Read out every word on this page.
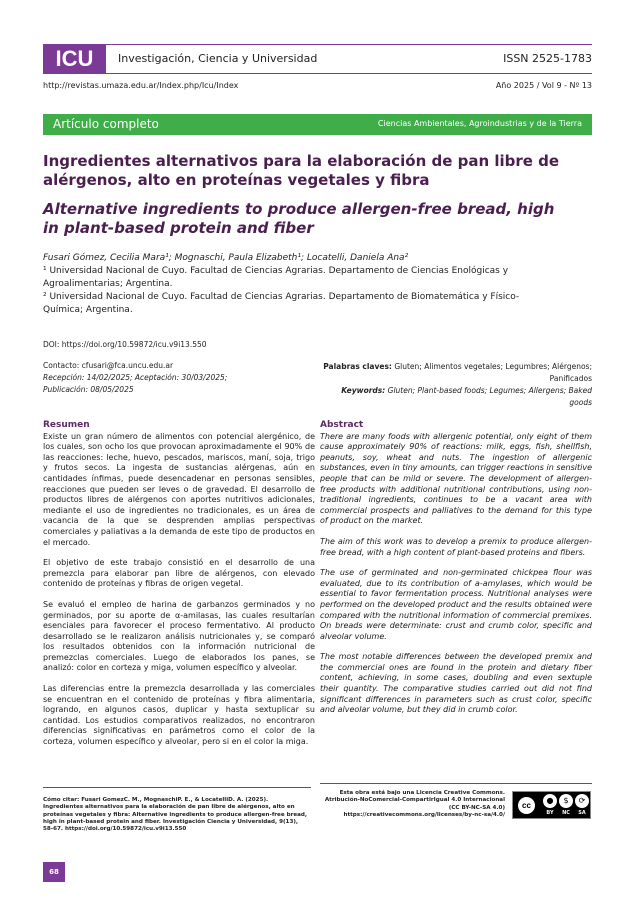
ICU	Investigación, Ciencia y Universidad	ISSN 2525-1783
http://revistas.umaza.edu.ar/Index.php/Icu/Index	Año 2025 / Vol 9 - Nº 13
Artículo completo	Ciencias Ambientales, Agroindustrias y de la Tierra
Ingredientes alternativos para la elaboración de pan libre de alérgenos, alto en proteínas vegetales y fibra
Alternative ingredients to produce allergen-free bread, high in plant-based protein and fiber
Fusari Gómez, Cecilia Mara¹; Mognaschi, Paula Elizabeth¹; Locatelli, Daniela Ana²
¹ Universidad Nacional de Cuyo. Facultad de Ciencias Agrarias. Departamento de Ciencias Enológicas y Agroalimentarias; Argentina.
² Universidad Nacional de Cuyo. Facultad de Ciencias Agrarias. Departamento de Biomatemática y Físico-Química; Argentina.
DOI: https://doi.org/10.59872/icu.v9i13.550
Contacto: cfusari@fca.uncu.edu.ar
Recepción: 14/02/2025; Aceptación: 30/03/2025;
Publicación: 08/05/2025
Palabras claves: Gluten; Alimentos vegetales; Legumbres; Alérgenos; Panificados
Keywords: Gluten; Plant-based foods; Legumes; Allergens; Baked goods
Resumen

Existe un gran número de alimentos con potencial alergénico, de los cuales, son ocho los que provocan aproximadamente el 90% de las reacciones: leche, huevo, pescados, mariscos, maní, soja, trigo y frutos secos. La ingesta de sustancias alérgenas, aún en cantidades ínfimas, puede desencadenar en personas sensibles, reacciones que pueden ser leves o de gravedad. El desarrollo de productos libres de alérgenos con aportes nutritivos adicionales, mediante el uso de ingredientes no tradicionales, es un área de vacancia de la que se desprenden amplias perspectivas comerciales y paliativas a la demanda de este tipo de productos en el mercado.

El objetivo de este trabajo consistió en el desarrollo de una premezcla para elaborar pan libre de alérgenos, con elevado contenido de proteínas y fibras de origen vegetal.

Se evaluó el empleo de harina de garbanzos germinados y no germinados, por su aporte de α-amilasas, las cuales resultarían esenciales para favorecer el proceso fermentativo. Al producto desarrollado se le realizaron análisis nutricionales y, se comparó los resultados obtenidos con la información nutricional de premezclas comerciales. Luego de elaborados los panes, se analizó: color en corteza y miga, volumen específico y alveolar.

Las diferencias entre la premezcla desarrollada y las comerciales se encuentran en el contenido de proteínas y fibra alimentaria, logrando, en algunos casos, duplicar y hasta sextuplicar su cantidad. Los estudios comparativos realizados, no encontraron diferencias significativas en parámetros como el color de la corteza, volumen específico y alveolar, pero si en el color la miga.

Abstract

There are many foods with allergenic potential, only eight of them cause approximately 90% of reactions: milk, eggs, fish, shellfish, peanuts, soy, wheat and nuts. The ingestion of allergenic substances, even in tiny amounts, can trigger reactions in sensitive people that can be mild or severe. The development of allergen-free products with additional nutritional contributions, using non-traditional ingredients, continues to be a vacant area with commercial prospects and palliatives to the demand for this type of product on the market.

The aim of this work was to develop a premix to produce allergen-free bread, with a high content of plant-based proteins and fibers.

The use of germinated and non-germinated chickpea flour was evaluated, due to its contribution of a-amylases, which would be essential to favor fermentation process. Nutritional analyses were performed on the developed product and the results obtained were compared with the nutritional information of commercial premixes. On breads were determinate: crust and crumb color, specific and alveolar volume.

The most notable differences between the developed premix and the commercial ones are found in the protein and dietary fiber content, achieving, in some cases, doubling and even sextuple their quantity. The comparative studies carried out did not find significant differences in parameters such as crust color, specific and alveolar volume, but they did in crumb color.

Cómo citar: Fusari GomezC. M., MognaschiP. E., & LocatelliD. A. (2025). Ingredientes alternativos para la elaboración de pan libre de alérgenos, alto en proteínas vegetales y fibra: Alternative ingredients to produce allergen-free bread, high in plant-based protein and fiber. Investigación Ciencia y Universidad, 9(13), 58-67. https://doi.org/10.59872/icu.v9i13.550
Esta obra está bajo una Licencia Creative Commons.
Atribución-NoComercial-CompartirIgual 4.0 Internacional
(CC BY-NC-SA 4.0)
https://creativecommons.org/licenses/by-nc-sa/4.0/
cc
●	$	⟳
BY	NC	SA
68
